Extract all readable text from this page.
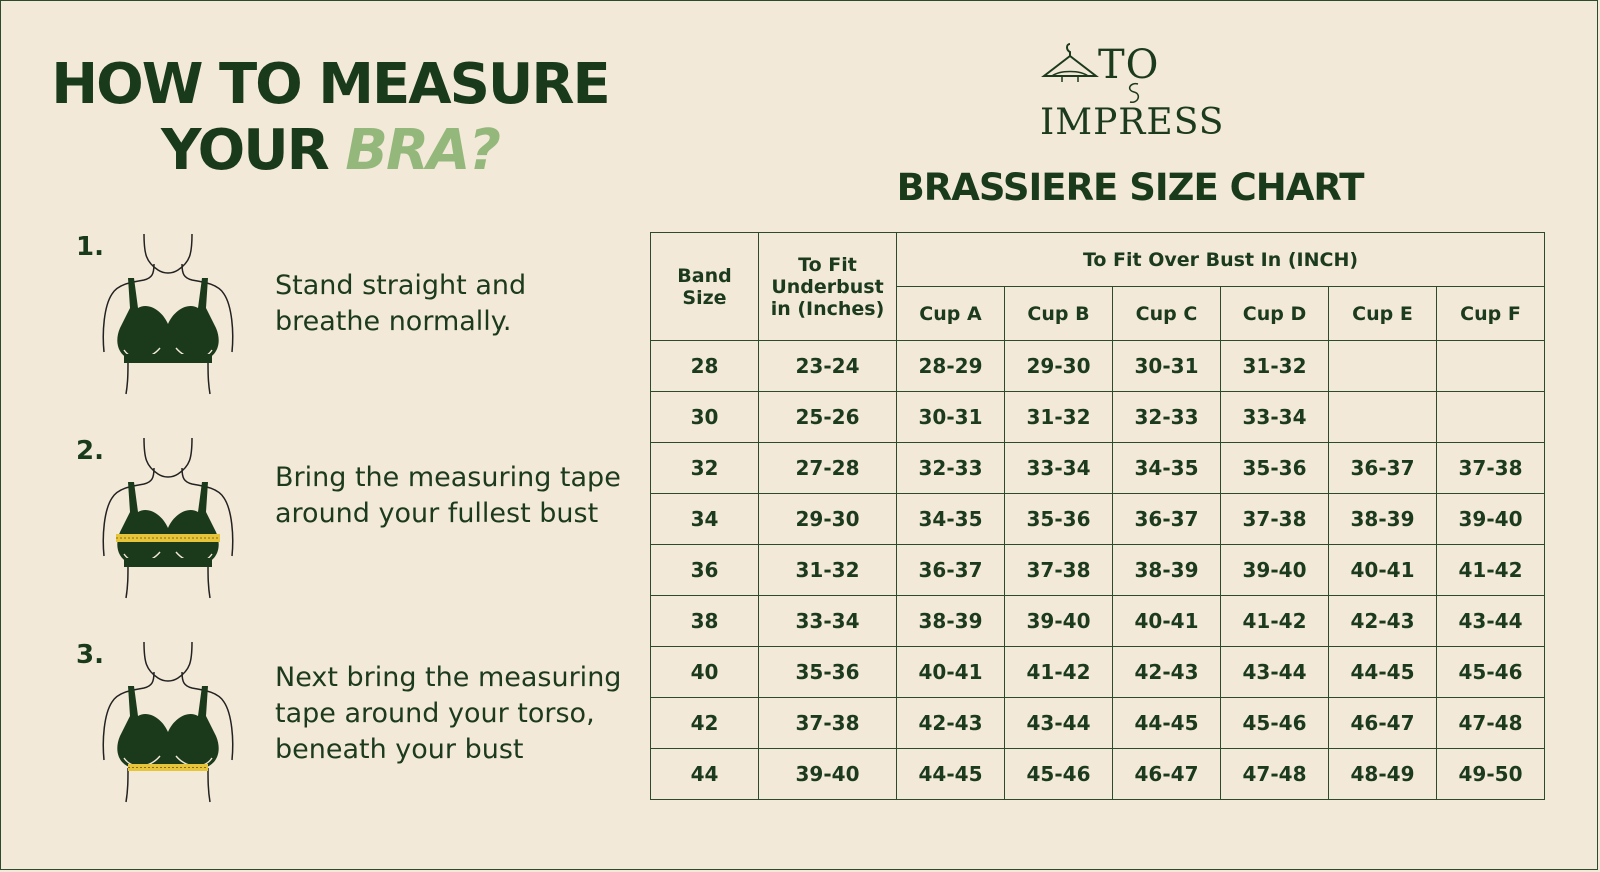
HOW TO MEASURE
YOUR BRA?
1.
Stand straight and breathe normally.
2.
Bring the measuring tape around your fullest bust
3.
Next bring the measuring tape around your torso, beneath your bust
TO
IMPRESS
BRASSIERE SIZE CHART
Band Size	To Fit Underbust in (Inches)	To Fit Over Bust In (INCH)					
		Cup A	Cup B	Cup C	Cup D	Cup E	Cup F
28	23-24	28-29	29-30	30-31	31-32		
30	25-26	30-31	31-32	32-33	33-34		
32	27-28	32-33	33-34	34-35	35-36	36-37	37-38
34	29-30	34-35	35-36	36-37	37-38	38-39	39-40
36	31-32	36-37	37-38	38-39	39-40	40-41	41-42
38	33-34	38-39	39-40	40-41	41-42	42-43	43-44
40	35-36	40-41	41-42	42-43	43-44	44-45	45-46
42	37-38	42-43	43-44	44-45	45-46	46-47	47-48
44	39-40	44-45	45-46	46-47	47-48	48-49	49-50
